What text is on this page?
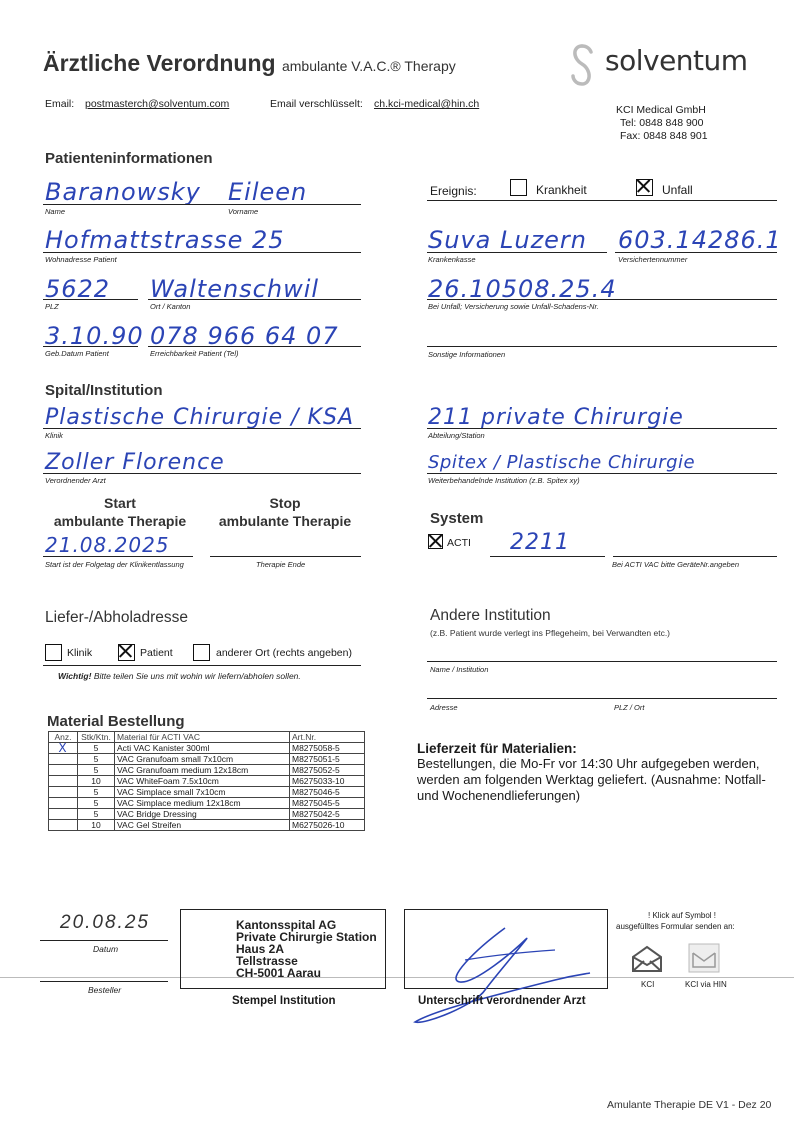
Ärztliche Verordnung ambulante V.A.C.® Therapy	solventum
Email: postmasterch@solventum.com	Email verschlüsselt: ch.kci-medical@hin.ch	KCI Medical GmbH
Tel: 0848 848 900
Fax: 0848 848 901
Patienteninformationen
Baranowsky Eileen
Name	Vorname
Hofmattstrasse 25
Wohnadresse Patient
5622 Waltenschwil
PLZ	Ort / Kanton
3.10.90 078 966 64 07
Geb.Datum Patient	Erreichbarkeit Patient (Tel)
Ereignis:	Krankheit	Unfall
Suva Luzern 603.14286.1
Krankenkasse	Versichertennummer
26.10508.25.4
Bei Unfall; Versicherung sowie Unfall-Schadens-Nr.
Sonstige Informationen
Spital/Institution
Plastische Chirurgie / KSA
Klinik
211 private Chirurgie
Abteilung/Station
Zoller Florence
Verordnender Arzt
Spitex / Plastische Chirurgie
Weiterbehandelnde Institution (z.B. Spitex xy)
Start
ambulante Therapie
Stop
ambulante Therapie
21.08.2025
Start ist der Folgetag der Klinikentlassung	Therapie Ende
System
ACTI 2211
Bei ACTI VAC bitte GeräteNr.angeben
Liefer-/Abholadresse
Klinik	Patient	anderer Ort (rechts angeben)
Wichtig! Bitte teilen Sie uns mit wohin wir liefern/abholen sollen.
Andere Institution
(z.B. Patient wurde verlegt ins Pflegeheim, bei Verwandten etc.)
Name / Institution
Adresse	PLZ / Ort
Material Bestellung
Anz.	Stk/Ktn.	Material für ACTI VAC	Art.Nr.
X	5	Acti VAC Kanister 300ml	M8275058-5
	5	VAC Granufoam small 7x10cm	M8275051-5
	5	VAC Granufoam medium 12x18cm	M8275052-5
	10	VAC WhiteFoam 7.5x10cm	M6275033-10
	5	VAC Simplace small 7x10cm	M8275046-5
	5	VAC Simplace medium 12x18cm	M8275045-5
	5	VAC Bridge Dressing	M8275042-5
	10	VAC Gel Streifen	M6275026-10
Lieferzeit für Materialien:
Bestellungen, die Mo-Fr vor 14:30 Uhr aufgegeben werden, werden am folgenden Werktag geliefert. (Ausnahme: Notfall- und Wochenendlieferungen)
20.08.25
Datum
Besteller
Kantonsspital AG
Private Chirurgie Station
Haus 2A
Tellstrasse
CH-5001 Aarau
Stempel Institution	Unterschrift verordnender Arzt
! Klick auf Symbol !
ausgefülltes Formular senden an:
KCI	KCI via HIN
Amulante Therapie DE V1 - Dez 20
